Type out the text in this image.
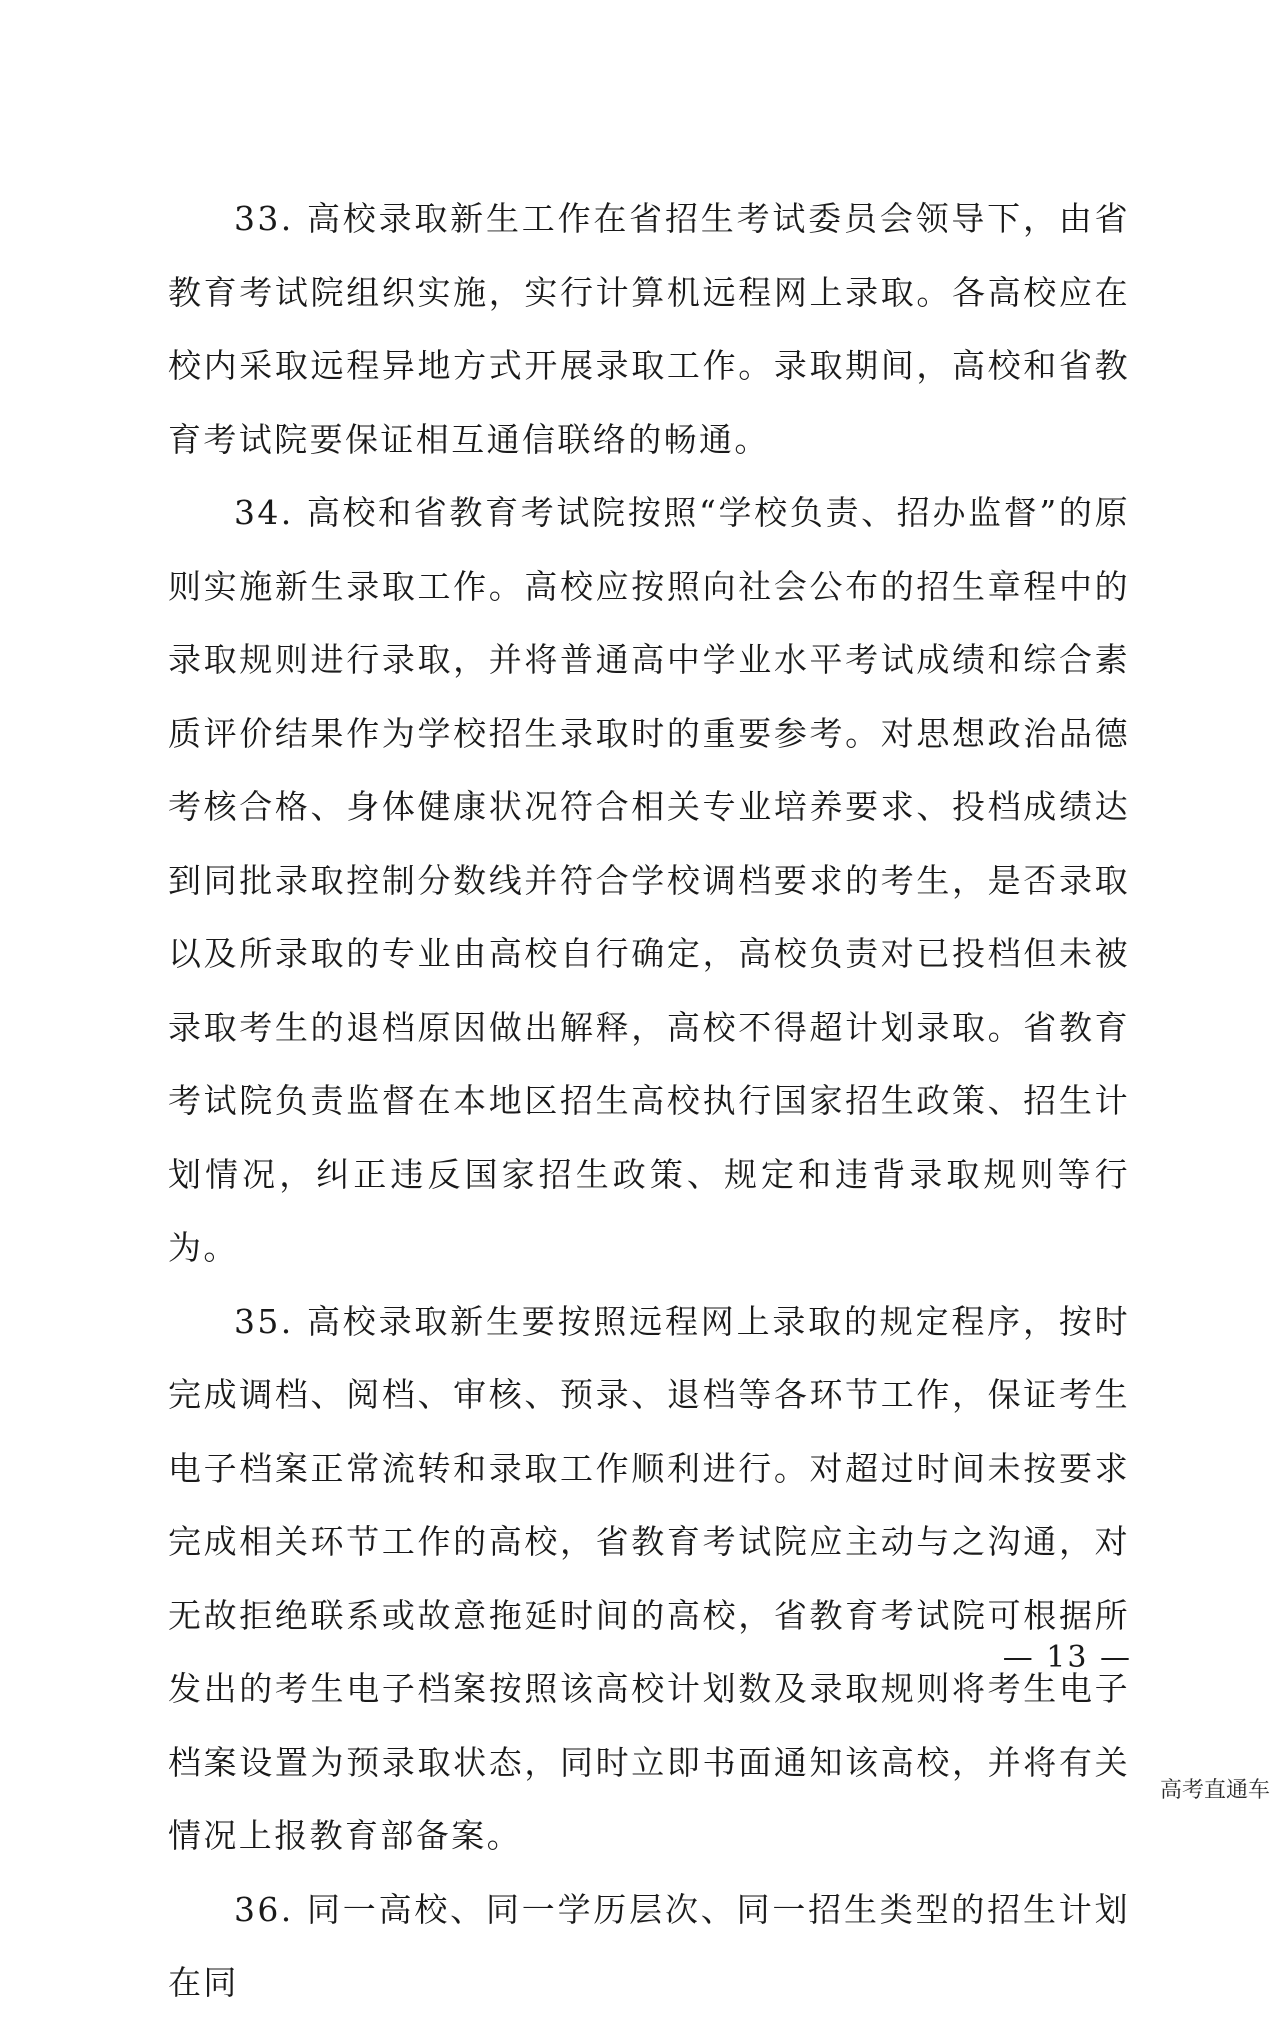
33. 高校录取新生工作在省招生考试委员会领导下，由省教育考试院组织实施，实行计算机远程网上录取。各高校应在校内采取远程异地方式开展录取工作。录取期间，高校和省教育考试院要保证相互通信联络的畅通。

34. 高校和省教育考试院按照“学校负责、招办监督”的原则实施新生录取工作。高校应按照向社会公布的招生章程中的录取规则进行录取，并将普通高中学业水平考试成绩和综合素质评价结果作为学校招生录取时的重要参考。对思想政治品德考核合格、身体健康状况符合相关专业培养要求、投档成绩达到同批录取控制分数线并符合学校调档要求的考生，是否录取以及所录取的专业由高校自行确定，高校负责对已投档但未被录取考生的退档原因做出解释，高校不得超计划录取。省教育考试院负责监督在本地区招生高校执行国家招生政策、招生计划情况，纠正违反国家招生政策、规定和违背录取规则等行为。

35. 高校录取新生要按照远程网上录取的规定程序，按时完成调档、阅档、审核、预录、退档等各环节工作，保证考生电子档案正常流转和录取工作顺利进行。对超过时间未按要求完成相关环节工作的高校，省教育考试院应主动与之沟通，对无故拒绝联系或故意拖延时间的高校，省教育考试院可根据所发出的考生电子档案按照该高校计划数及录取规则将考生电子档案设置为预录取状态，同时立即书面通知该高校，并将有关情况上报教育部备案。

36. 同一高校、同一学历层次、同一招生类型的招生计划在同

— 13 —
高考直通车
